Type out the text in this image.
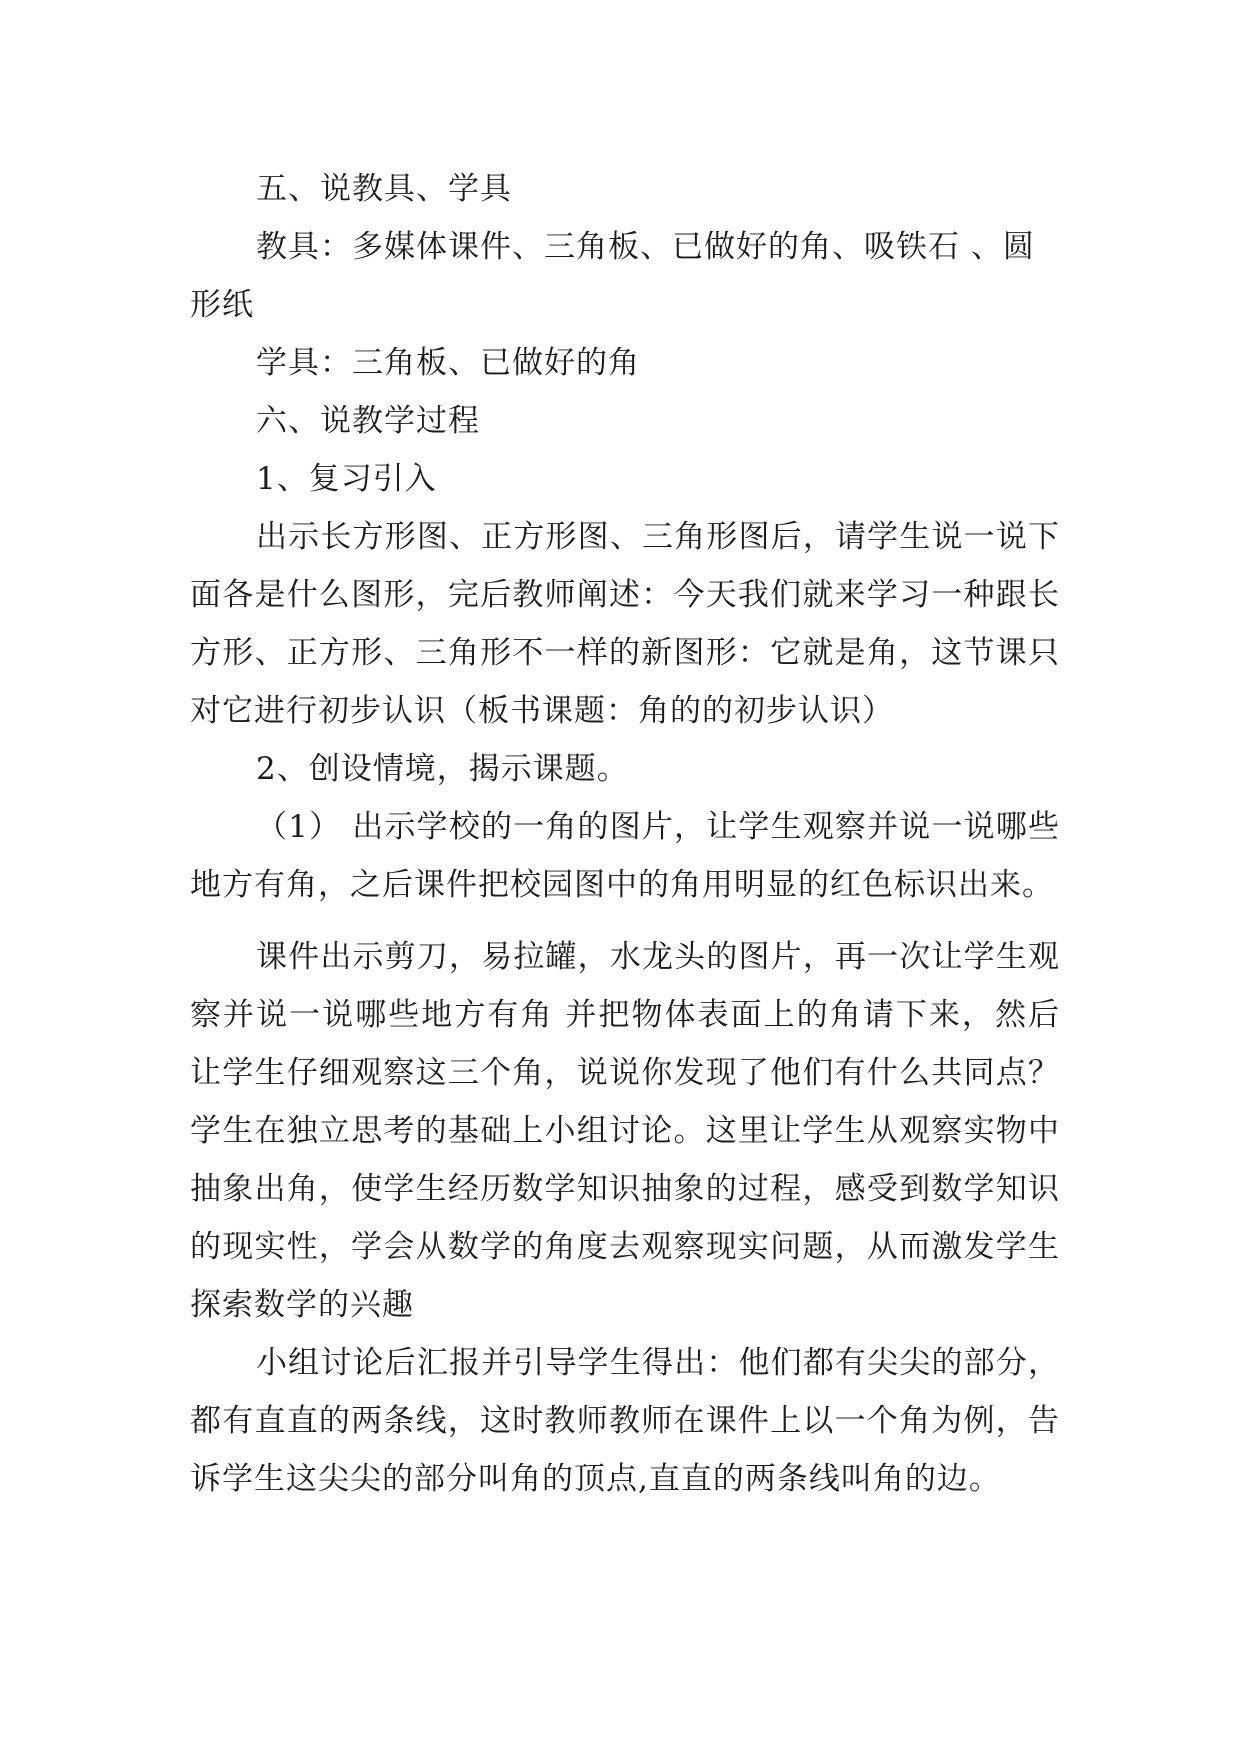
五、说教具、学具

教具：多媒体课件、三角板、已做好的角、吸铁石 、圆形纸

学具：三角板、已做好的角

六、说教学过程

1、复习引入

出示长方形图、正方形图、三角形图后，请学生说一说下面各是什么图形，完后教师阐述：今天我们就来学习一种跟长方形、正方形、三角形不一样的新图形：它就是角，这节课只对它进行初步认识（板书课题：角的的初步认识）

2、创设情境，揭示课题。

（1） 出示学校的一角的图片，让学生观察并说一说哪些地方有角，之后课件把校园图中的角用明显的红色标识出来。

课件出示剪刀，易拉罐，水龙头的图片，再一次让学生观察并说一说哪些地方有角 并把物体表面上的角请下来，然后让学生仔细观察这三个角，说说你发现了他们有什么共同点？学生在独立思考的基础上小组讨论。这里让学生从观察实物中抽象出角，使学生经历数学知识抽象的过程，感受到数学知识的现实性，学会从数学的角度去观察现实问题，从而激发学生探索数学的兴趣

小组讨论后汇报并引导学生得出：他们都有尖尖的部分，都有直直的两条线，这时教师教师在课件上以一个角为例，告诉学生这尖尖的部分叫角的顶点,直直的两条线叫角的边。
